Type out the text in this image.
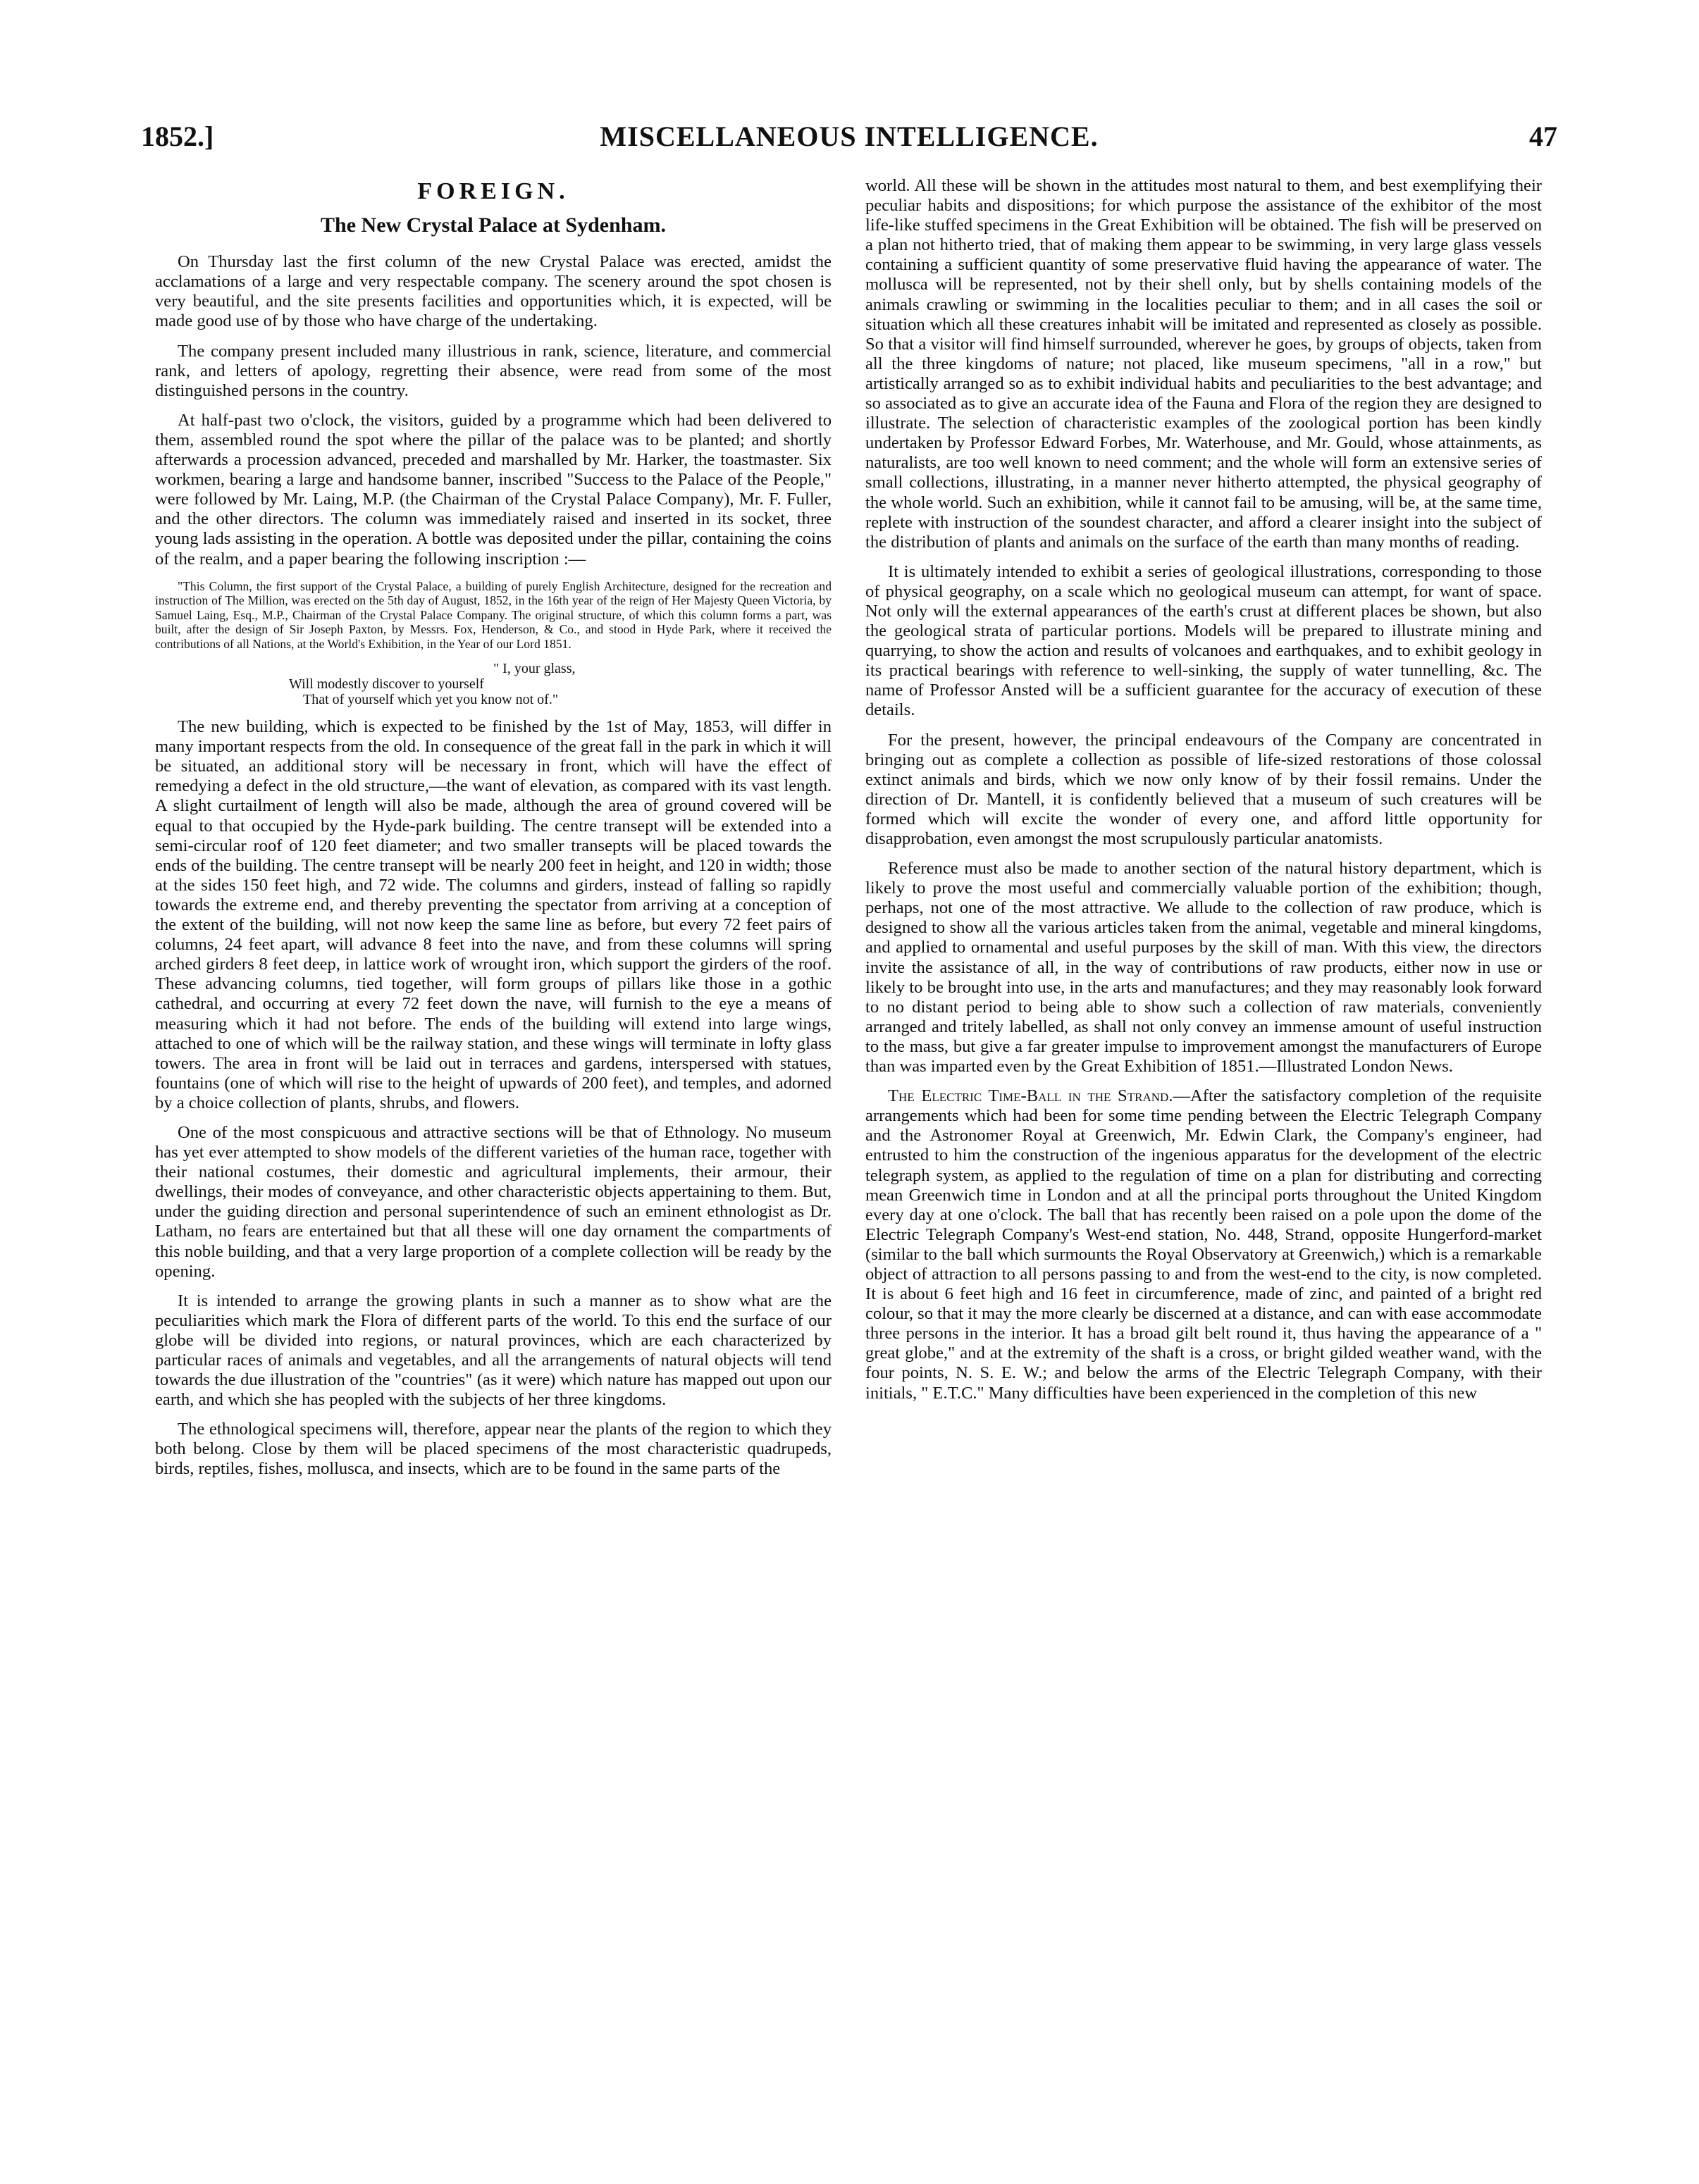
1852.]	MISCELLANEOUS INTELLIGENCE.	47
FOREIGN.
The New Crystal Palace at Sydenham.

On Thursday last the first column of the new Crystal Palace was erected, amidst the acclamations of a large and very respectable company. The scenery around the spot chosen is very beautiful, and the site presents facilities and opportunities which, it is expected, will be made good use of by those who have charge of the undertaking.

The company present included many illustrious in rank, science, literature, and commercial rank, and letters of apology, regretting their absence, were read from some of the most distinguished persons in the country.

At half-past two o'clock, the visitors, guided by a programme which had been delivered to them, assembled round the spot where the pillar of the palace was to be planted; and shortly afterwards a procession advanced, preceded and marshalled by Mr. Harker, the toastmaster. Six workmen, bearing a large and handsome banner, inscribed "Success to the Palace of the People," were followed by Mr. Laing, M.P. (the Chairman of the Crystal Palace Company), Mr. F. Fuller, and the other directors. The column was immediately raised and inserted in its socket, three young lads assisting in the operation. A bottle was deposited under the pillar, containing the coins of the realm, and a paper bearing the following inscription :—

"This Column, the first support of the Crystal Palace, a building of purely English Architecture, designed for the recreation and instruction of The Million, was erected on the 5th day of August, 1852, in the 16th year of the reign of Her Majesty Queen Victoria, by Samuel Laing, Esq., M.P., Chairman of the Crystal Palace Company. The original structure, of which this column forms a part, was built, after the design of Sir Joseph Paxton, by Messrs. Fox, Henderson, & Co., and stood in Hyde Park, where it received the contributions of all Nations, at the World's Exhibition, in the Year of our Lord 1851.

" I, your glass,
Will modestly discover to yourself
That of yourself which yet you know not of."

The new building, which is expected to be finished by the 1st of May, 1853, will differ in many important respects from the old. In consequence of the great fall in the park in which it will be situated, an additional story will be necessary in front, which will have the effect of remedying a defect in the old structure,—the want of elevation, as compared with its vast length. A slight curtailment of length will also be made, although the area of ground covered will be equal to that occupied by the Hyde-park building. The centre transept will be extended into a semi-circular roof of 120 feet diameter; and two smaller transepts will be placed towards the ends of the building. The centre transept will be nearly 200 feet in height, and 120 in width; those at the sides 150 feet high, and 72 wide. The columns and girders, instead of falling so rapidly towards the extreme end, and thereby preventing the spectator from arriving at a conception of the extent of the building, will not now keep the same line as before, but every 72 feet pairs of columns, 24 feet apart, will advance 8 feet into the nave, and from these columns will spring arched girders 8 feet deep, in lattice work of wrought iron, which support the girders of the roof. These advancing columns, tied together, will form groups of pillars like those in a gothic cathedral, and occurring at every 72 feet down the nave, will furnish to the eye a means of measuring which it had not before. The ends of the building will extend into large wings, attached to one of which will be the railway station, and these wings will terminate in lofty glass towers. The area in front will be laid out in terraces and gardens, interspersed with statues, fountains (one of which will rise to the height of upwards of 200 feet), and temples, and adorned by a choice collection of plants, shrubs, and flowers.

One of the most conspicuous and attractive sections will be that of Ethnology. No museum has yet ever attempted to show models of the different varieties of the human race, together with their national costumes, their domestic and agricultural implements, their armour, their dwellings, their modes of conveyance, and other characteristic objects appertaining to them. But, under the guiding direction and personal superintendence of such an eminent ethnologist as Dr. Latham, no fears are entertained but that all these will one day ornament the compartments of this noble building, and that a very large proportion of a complete collection will be ready by the opening.

It is intended to arrange the growing plants in such a manner as to show what are the peculiarities which mark the Flora of different parts of the world. To this end the surface of our globe will be divided into regions, or natural provinces, which are each characterized by particular races of animals and vegetables, and all the arrangements of natural objects will tend towards the due illustration of the "countries" (as it were) which nature has mapped out upon our earth, and which she has peopled with the subjects of her three kingdoms.

The ethnological specimens will, therefore, appear near the plants of the region to which they both belong. Close by them will be placed specimens of the most characteristic quadrupeds, birds, reptiles, fishes, mollusca, and insects, which are to be found in the same parts of the

world. All these will be shown in the attitudes most natural to them, and best exemplifying their peculiar habits and dispositions; for which purpose the assistance of the exhibitor of the most life-like stuffed specimens in the Great Exhibition will be obtained. The fish will be preserved on a plan not hitherto tried, that of making them appear to be swimming, in very large glass vessels containing a sufficient quantity of some preservative fluid having the appearance of water. The mollusca will be represented, not by their shell only, but by shells containing models of the animals crawling or swimming in the localities peculiar to them; and in all cases the soil or situation which all these creatures inhabit will be imitated and represented as closely as possible. So that a visitor will find himself surrounded, wherever he goes, by groups of objects, taken from all the three kingdoms of nature; not placed, like museum specimens, "all in a row," but artistically arranged so as to exhibit individual habits and peculiarities to the best advantage; and so associated as to give an accurate idea of the Fauna and Flora of the region they are designed to illustrate. The selection of characteristic examples of the zoological portion has been kindly undertaken by Professor Edward Forbes, Mr. Waterhouse, and Mr. Gould, whose attainments, as naturalists, are too well known to need comment; and the whole will form an extensive series of small collections, illustrating, in a manner never hitherto attempted, the physical geography of the whole world. Such an exhibition, while it cannot fail to be amusing, will be, at the same time, replete with instruction of the soundest character, and afford a clearer insight into the subject of the distribution of plants and animals on the surface of the earth than many months of reading.

It is ultimately intended to exhibit a series of geological illustrations, corresponding to those of physical geography, on a scale which no geological museum can attempt, for want of space. Not only will the external appearances of the earth's crust at different places be shown, but also the geological strata of particular portions. Models will be prepared to illustrate mining and quarrying, to show the action and results of volcanoes and earthquakes, and to exhibit geology in its practical bearings with reference to well-sinking, the supply of water tunnelling, &c. The name of Professor Ansted will be a sufficient guarantee for the accuracy of execution of these details.

For the present, however, the principal endeavours of the Company are concentrated in bringing out as complete a collection as possible of life-sized restorations of those colossal extinct animals and birds, which we now only know of by their fossil remains. Under the direction of Dr. Mantell, it is confidently believed that a museum of such creatures will be formed which will excite the wonder of every one, and afford little opportunity for disapprobation, even amongst the most scrupulously particular anatomists.

Reference must also be made to another section of the natural history department, which is likely to prove the most useful and commercially valuable portion of the exhibition; though, perhaps, not one of the most attractive. We allude to the collection of raw produce, which is designed to show all the various articles taken from the animal, vegetable and mineral kingdoms, and applied to ornamental and useful purposes by the skill of man. With this view, the directors invite the assistance of all, in the way of contributions of raw products, either now in use or likely to be brought into use, in the arts and manufactures; and they may reasonably look forward to no distant period to being able to show such a collection of raw materials, conveniently arranged and tritely labelled, as shall not only convey an immense amount of useful instruction to the mass, but give a far greater impulse to improvement amongst the manufacturers of Europe than was imparted even by the Great Exhibition of 1851.—Illustrated London News.

The Electric Time-Ball in the Strand.—After the satisfactory completion of the requisite arrangements which had been for some time pending between the Electric Telegraph Company and the Astronomer Royal at Greenwich, Mr. Edwin Clark, the Company's engineer, had entrusted to him the construction of the ingenious apparatus for the development of the electric telegraph system, as applied to the regulation of time on a plan for distributing and correcting mean Greenwich time in London and at all the principal ports throughout the United Kingdom every day at one o'clock. The ball that has recently been raised on a pole upon the dome of the Electric Telegraph Company's West-end station, No. 448, Strand, opposite Hungerford-market (similar to the ball which surmounts the Royal Observatory at Greenwich,) which is a remarkable object of attraction to all persons passing to and from the west-end to the city, is now completed. It is about 6 feet high and 16 feet in circumference, made of zinc, and painted of a bright red colour, so that it may the more clearly be discerned at a distance, and can with ease accommodate three persons in the interior. It has a broad gilt belt round it, thus having the appearance of a " great globe," and at the extremity of the shaft is a cross, or bright gilded weather wand, with the four points, N. S. E. W.; and below the arms of the Electric Telegraph Company, with their initials, " E.T.C." Many difficulties have been experienced in the completion of this new
